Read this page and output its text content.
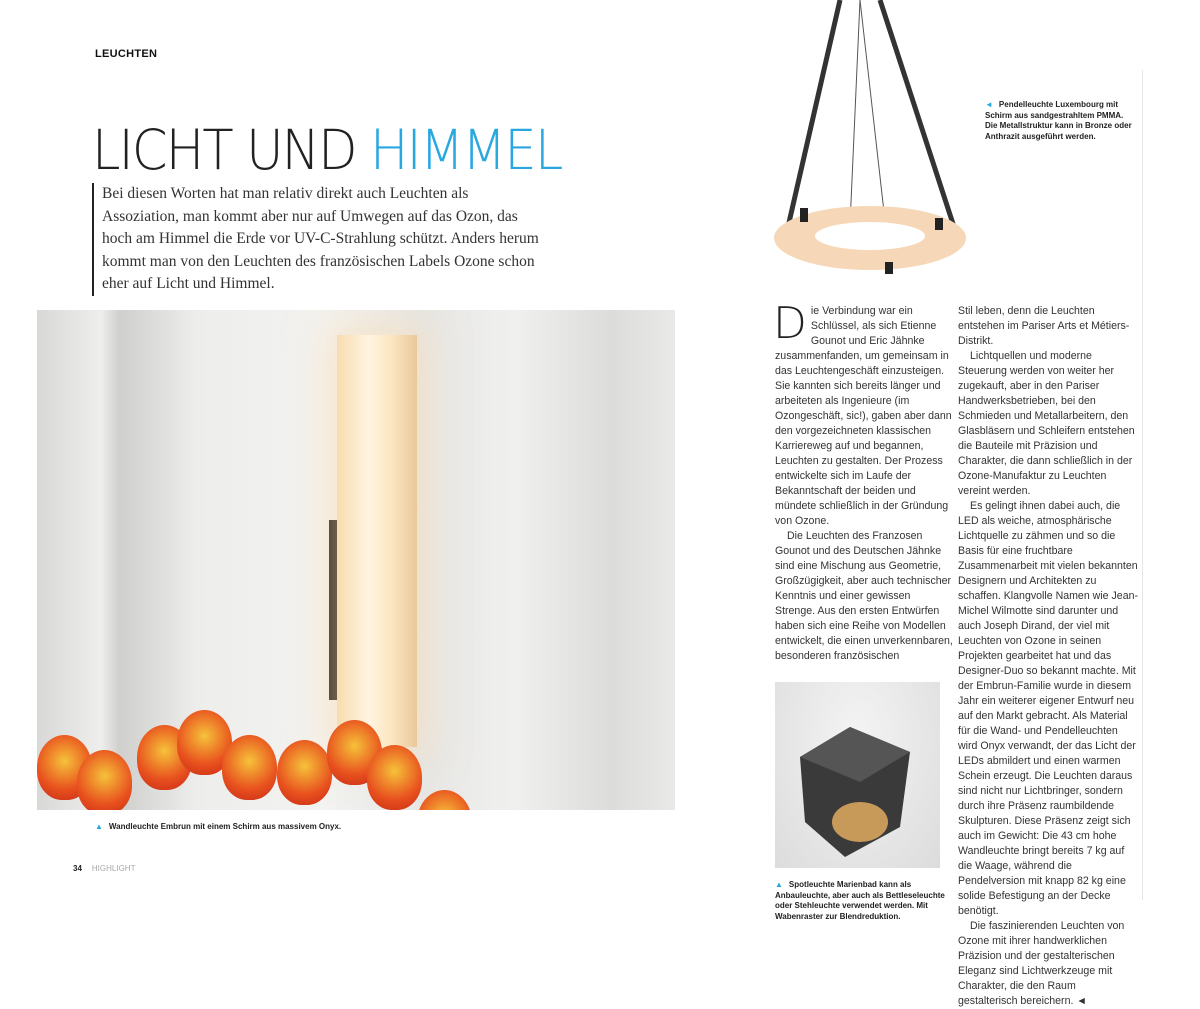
LEUCHTEN
LICHT UND HIMMEL

Bei diesen Worten hat man relativ direkt auch Leuchten als Assoziation, man kommt aber nur auf Umwegen auf das Ozon, das hoch am Himmel die Erde vor UV-C-Strahlung schützt. Anders herum kommt man von den Leuchten des französischen Labels Ozone schon eher auf Licht und Himmel.

▲ Wandleuchte Embrun mit einem Schirm aus massivem Onyx.
34 HIGHLIGHT
◄ Pendelleuchte Luxembourg mit Schirm aus sandgestrahltem PMMA. Die Metallstruktur kann in Bronze oder Anthrazit ausgeführt werden.

Die Verbindung war ein Schlüssel, als sich Etienne Gounot und Eric Jähnke zusammenfanden, um gemeinsam in das Leuchtengeschäft einzusteigen. Sie kannten sich bereits länger und arbeiteten als Ingenieure (im Ozongeschäft, sic!), gaben aber dann den vorgezeichneten klassischen Karriereweg auf und begannen, Leuchten zu gestalten. Der Prozess entwickelte sich im Laufe der Bekanntschaft der beiden und mündete schließlich in der Gründung von Ozone.

Die Leuchten des Franzosen Gounot und des Deutschen Jähnke sind eine Mischung aus Geometrie, Großzügigkeit, aber auch technischer Kenntnis und einer gewissen Strenge. Aus den ersten Entwürfen haben sich eine Reihe von Modellen entwickelt, die einen unverkennbaren, besonderen französischen

▲ Spotleuchte Marienbad kann als Anbauleuchte, aber auch als Bettleseleuchte oder Stehleuchte verwendet werden. Mit Wabenraster zur Blendreduktion.

Stil leben, denn die Leuchten entstehen im Pariser Arts et Métiers-Distrikt.

Lichtquellen und moderne Steuerung werden von weiter her zugekauft, aber in den Pariser Handwerksbetrieben, bei den Schmieden und Metallarbeitern, den Glasbläsern und Schleifern entstehen die Bauteile mit Präzision und Charakter, die dann schließlich in der Ozone-Manufaktur zu Leuchten vereint werden.

Es gelingt ihnen dabei auch, die LED als weiche, atmosphärische Lichtquelle zu zähmen und so die Basis für eine fruchtbare Zusammenarbeit mit vielen bekannten Designern und Architekten zu schaffen. Klangvolle Namen wie Jean-Michel Wilmotte sind darunter und auch Joseph Dirand, der viel mit Leuchten von Ozone in seinen Projekten gearbeitet hat und das Designer-Duo so bekannt machte. Mit der Embrun-Familie wurde in diesem Jahr ein weiterer eigener Entwurf neu auf den Markt gebracht. Als Material für die Wand- und Pendelleuchten wird Onyx verwandt, der das Licht der LEDs abmildert und einen warmen Schein erzeugt. Die Leuchten daraus sind nicht nur Lichtbringer, sondern durch ihre Präsenz raumbildende Skulpturen. Diese Präsenz zeigt sich auch im Gewicht: Die 43 cm hohe Wandleuchte bringt bereits 7 kg auf die Waage, während die Pendelversion mit knapp 82 kg eine solide Befestigung an der Decke benötigt.

Die faszinierenden Leuchten von Ozone mit ihrer handwerklichen Präzision und der gestalterischen Eleganz sind Lichtwerkzeuge mit Charakter, die den Raum gestalterisch bereichern. ◄
